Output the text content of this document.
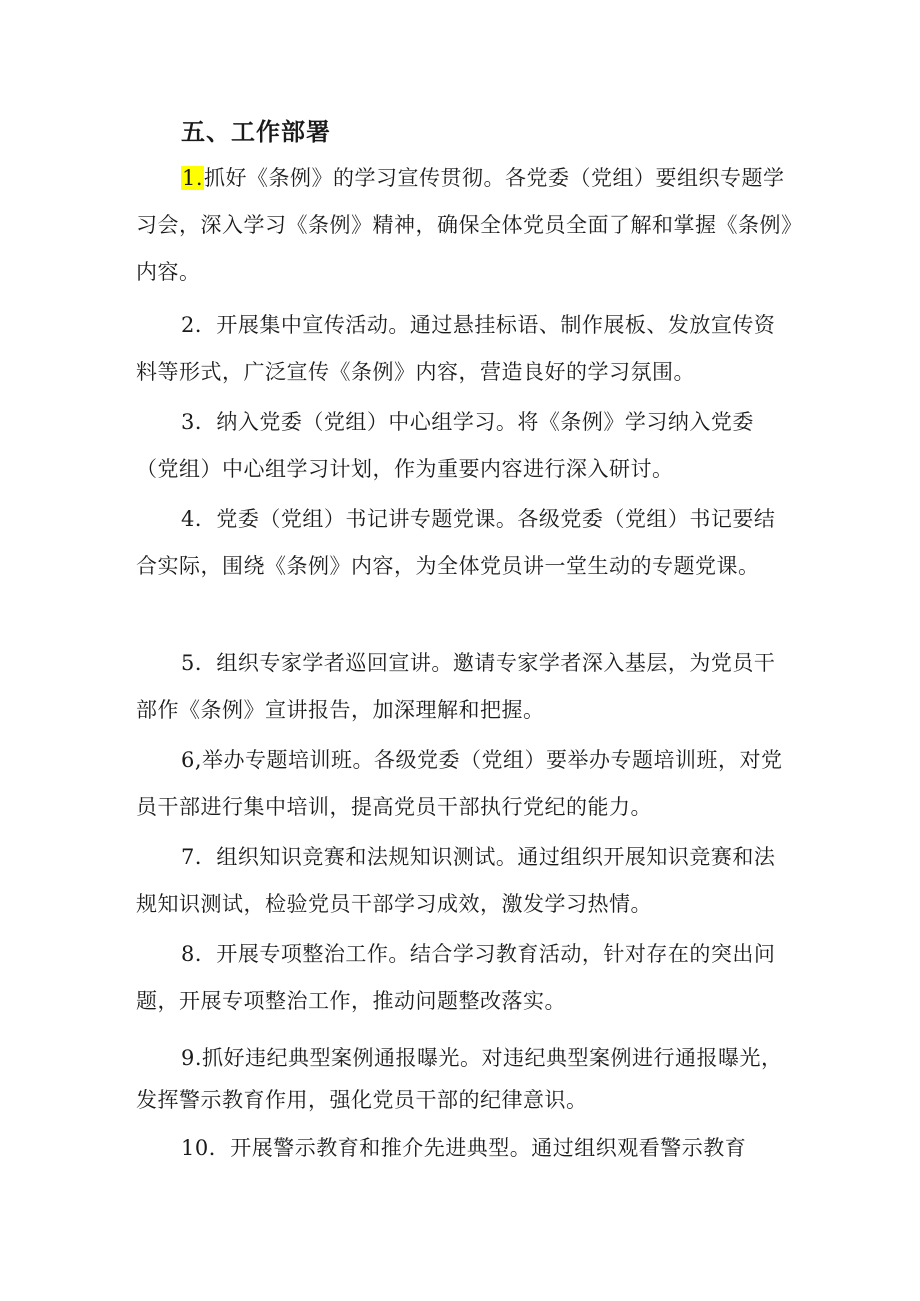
五、工作部署

1.抓好《条例》的学习宣传贯彻。各党委（党组）要组织专题学习会，深入学习《条例》精神，确保全体党员全面了解和掌握《条例》内容。

2．开展集中宣传活动。通过悬挂标语、制作展板、发放宣传资料等形式，广泛宣传《条例》内容，营造良好的学习氛围。

3．纳入党委（党组）中心组学习。将《条例》学习纳入党委（党组）中心组学习计划，作为重要内容进行深入研讨。

4．党委（党组）书记讲专题党课。各级党委（党组）书记要结合实际，围绕《条例》内容，为全体党员讲一堂生动的专题党课。

5．组织专家学者巡回宣讲。邀请专家学者深入基层，为党员干部作《条例》宣讲报告，加深理解和把握。

6,举办专题培训班。各级党委（党组）要举办专题培训班，对党员干部进行集中培训，提高党员干部执行党纪的能力。

7．组织知识竞赛和法规知识测试。通过组织开展知识竞赛和法规知识测试，检验党员干部学习成效，激发学习热情。

8．开展专项整治工作。结合学习教育活动，针对存在的突出问题，开展专项整治工作，推动问题整改落实。

9.抓好违纪典型案例通报曝光。对违纪典型案例进行通报曝光，发挥警示教育作用，强化党员干部的纪律意识。

10．开展警示教育和推介先进典型。通过组织观看警示教育
